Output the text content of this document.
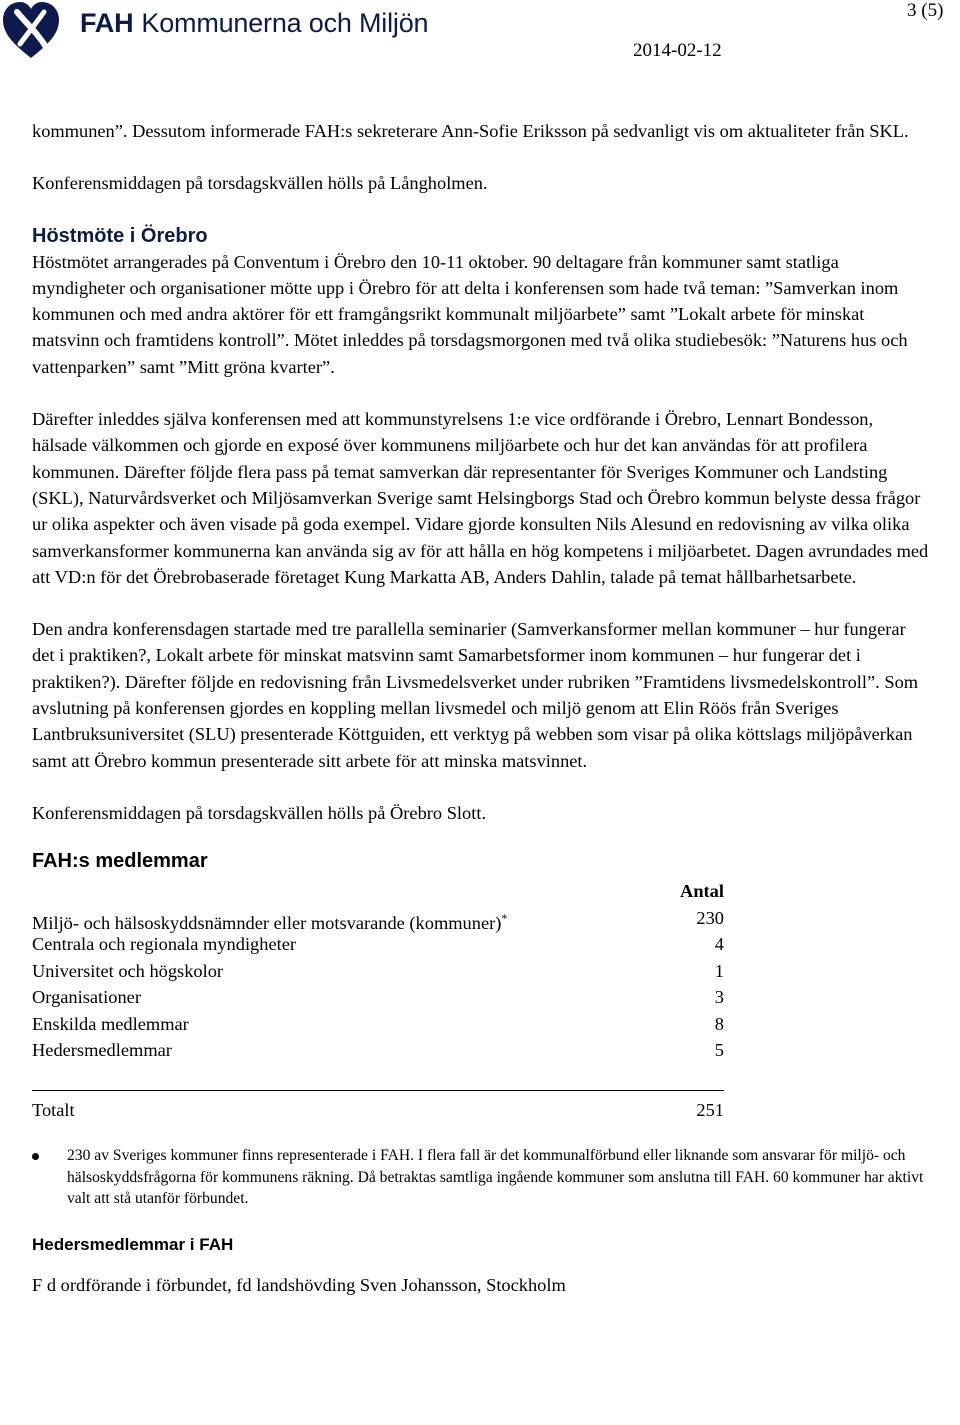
FAH Kommunerna och Miljön
2014-02-12
3 (5)

kommunen”. Dessutom informerade FAH:s sekreterare Ann-Sofie Eriksson på sedvanligt vis om aktualiteter från SKL.

Konferensmiddagen på torsdagskvällen hölls på Långholmen.

Höstmöte i Örebro

Höstmötet arrangerades på Conventum i Örebro den 10-11 oktober. 90 deltagare från kommuner samt statliga myndigheter och organisationer mötte upp i Örebro för att delta i konferensen som hade två teman: ”Samverkan inom kommunen och med andra aktörer för ett framgångsrikt kommunalt miljöarbete” samt ”Lokalt arbete för minskat matsvinn och framtidens kontroll”. Mötet inleddes på torsdagsmorgonen med två olika studiebesök: ”Naturens hus och vattenparken” samt ”Mitt gröna kvarter”.

Därefter inleddes själva konferensen med att kommunstyrelsens 1:e vice ordförande i Örebro, Lennart Bondesson, hälsade välkommen och gjorde en exposé över kommunens miljöarbete och hur det kan användas för att profilera kommunen. Därefter följde flera pass på temat samverkan där representanter för Sveriges Kommuner och Landsting (SKL), Naturvårdsverket och Miljösamverkan Sverige samt Helsingborgs Stad och Örebro kommun belyste dessa frågor ur olika aspekter och även visade på goda exempel. Vidare gjorde konsulten Nils Alesund en redovisning av vilka olika samverkansformer kommunerna kan använda sig av för att hålla en hög kompetens i miljöarbetet. Dagen avrundades med att VD:n för det Örebrobaserade företaget Kung Markatta AB, Anders Dahlin, talade på temat hållbarhetsarbete.

Den andra konferensdagen startade med tre parallella seminarier (Samverkansformer mellan kommuner – hur fungerar det i praktiken?, Lokalt arbete för minskat matsvinn samt Samarbetsformer inom kommunen – hur fungerar det i praktiken?). Därefter följde en redovisning från Livsmedelsverket under rubriken ”Framtidens livsmedelskontroll”. Som avslutning på konferensen gjordes en koppling mellan livsmedel och miljö genom att Elin Röös från Sveriges Lantbruksuniversitet (SLU) presenterade Köttguiden, ett verktyg på webben som visar på olika köttslags miljöpåverkan samt att Örebro kommun presenterade sitt arbete för att minska matsvinnet.

Konferensmiddagen på torsdagskvällen hölls på Örebro Slott.

FAH:s medlemmar
Antal
Miljö- och hälsoskyddsnämnder eller motsvarande (kommuner)*	230
Centrala och regionala myndigheter	4
Universitet och högskolor	1
Organisationer	3
Enskilda medlemmar	8
Hedersmedlemmar	5
Totalt	251
230 av Sveriges kommuner finns representerade i FAH. I flera fall är det kommunalförbund eller liknande som ansvarar för miljö- och hälsoskyddsfrågorna för kommunens räkning. Då betraktas samtliga ingående kommuner som anslutna till FAH. 60 kommuner har aktivt valt att stå utanför förbundet.
Hedersmedlemmar i FAH

F d ordförande i förbundet, fd landshövding Sven Johansson, Stockholm
